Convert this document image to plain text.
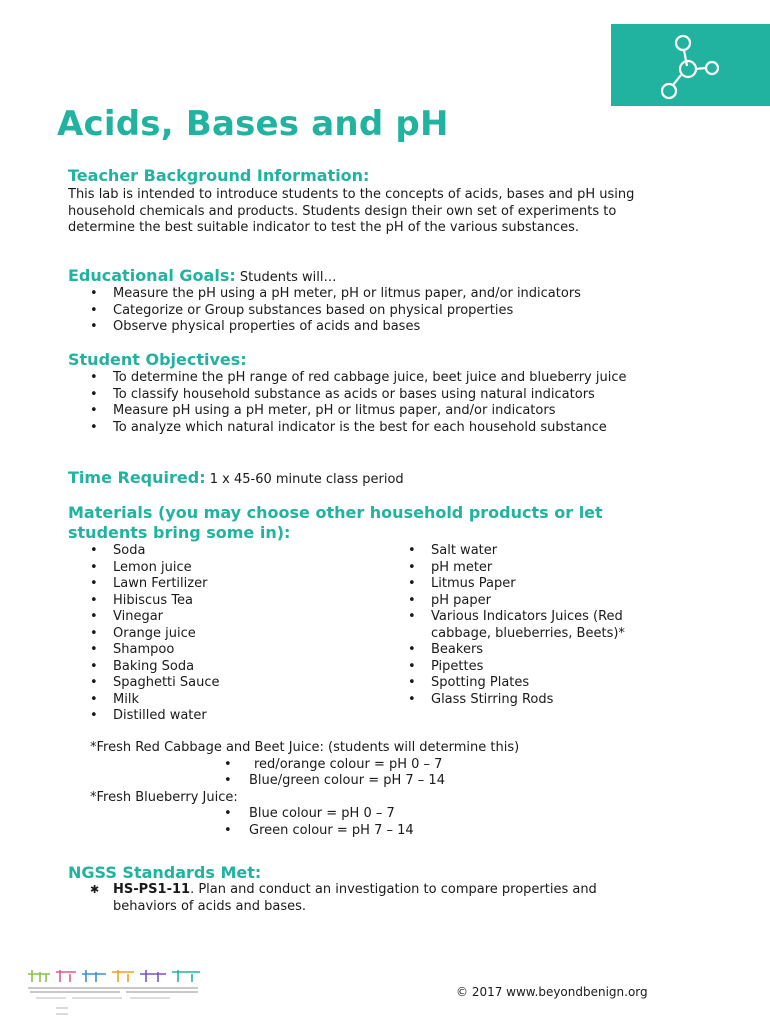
Acids, Bases and pH
Teacher Background Information:
This lab is intended to introduce students to the concepts of acids, bases and pH using household chemicals and products. Students design their own set of experiments to determine the best suitable indicator to test the pH of the various substances.
Educational Goals: Students will…
• Measure the pH using a pH meter, pH or litmus paper, and/or indicators
• Categorize or Group substances based on physical properties
• Observe physical properties of acids and bases
Student Objectives:
• To determine the pH range of red cabbage juice, beet juice and blueberry juice
• To classify household substance as acids or bases using natural indicators
• Measure pH using a pH meter, pH or litmus paper, and/or indicators
• To analyze which natural indicator is the best for each household substance
Time Required: 1 x 45-60 minute class period
Materials (you may choose other household products or let students bring some in):
• Soda
• Lemon juice
• Lawn Fertilizer
• Hibiscus Tea
• Vinegar
• Orange juice
• Shampoo
• Baking Soda
• Spaghetti Sauce
• Milk
• Distilled water
• Salt water
• pH meter
• Litmus Paper
• pH paper
• Various Indicators Juices (Red cabbage, blueberries, Beets)*
• Beakers
• Pipettes
• Spotting Plates
• Glass Stirring Rods
*Fresh Red Cabbage and Beet Juice: (students will determine this)
• red/orange colour = pH 0 – 7
• Blue/green colour = pH 7 – 14
*Fresh Blueberry Juice:
• Blue colour = pH 0 – 7
• Green colour = pH 7 – 14
NGSS Standards Met:
✱ HS-PS1-11. Plan and conduct an investigation to compare properties and behaviors of acids and bases.
© 2017 www.beyondbenign.org
